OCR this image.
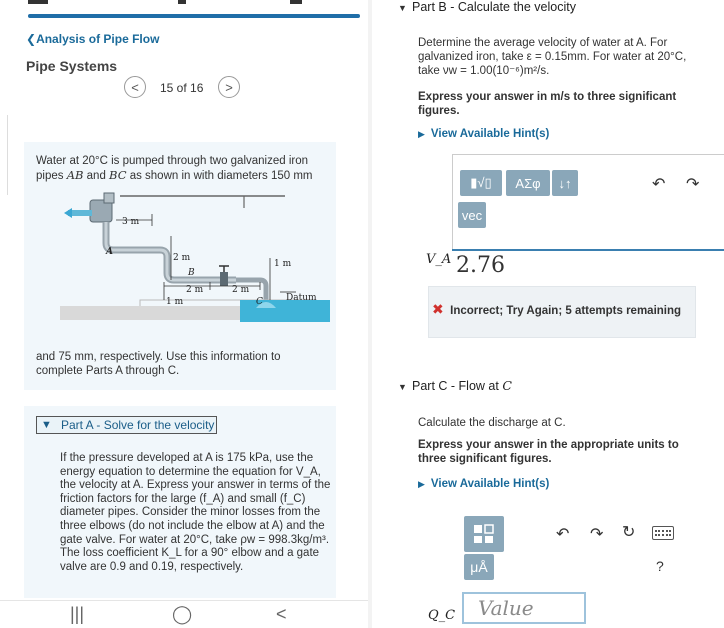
❮Analysis of Pipe Flow
Pipe Systems
< 15 of 16 >
Water at 20°C is pumped through two galvanized iron pipes AB and BC as shown in with diameters 150 mm
3 m
A
2 m
B
2 m	2 m
1 m
1 m	C	Datum
and 75 mm, respectively. Use this information to complete Parts A through C.
▼ Part A - Solve for the velocity
If the pressure developed at A is 175 kPa, use the energy equation to determine the equation for V_A, the velocity at A. Express your answer in terms of the friction factors for the large (f_A) and small (f_C) diameter pipes. Consider the minor losses from the three elbows (do not include the elbow at A) and the gate valve. For water at 20°C, take ρw = 998.3kg/m³. The loss coefficient K_L for a 90° elbow and a gate valve are 0.9 and 0.19, respectively.
|||	◯	<
▼ Part B - Calculate the velocity
Determine the average velocity of water at A. For galvanized iron, take ε = 0.15mm. For water at 20°C, take νw = 1.00(10⁻⁶)m²/s.
Express your answer in m/s to three significant figures.
▶ View Available Hint(s)
▮√▯ ΑΣφ ↓↑
vec
↶ ↷
V_A 2.76
✖ Incorrect; Try Again; 5 attempts remaining
▼ Part C - Flow at C
Calculate the discharge at C.
Express your answer in the appropriate units to three significant figures.
▶ View Available Hint(s)
μÅ
↶ ↷ ↻
?
Q_C	Value
